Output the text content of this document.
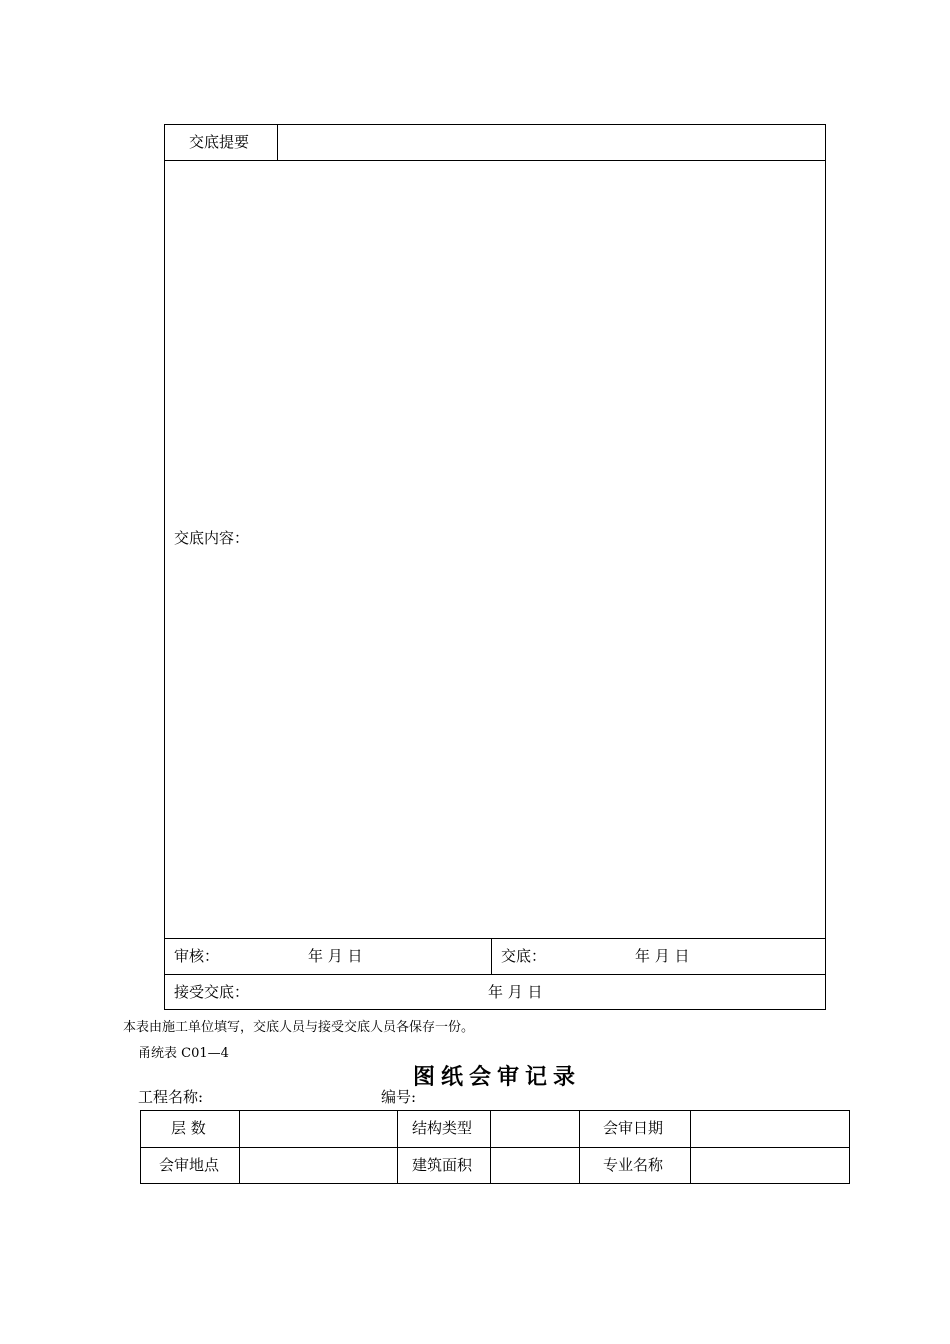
交底提要
交底内容：
审核：	年 月 日	交底：	年 月 日
接受交底：	年 月 日
本表由施工单位填写，交底人员与接受交底人员各保存一份。
甬统表 C01—4
图纸会审记录
工程名称:	编号:
层 数	结构类型	会审日期
会审地点	建筑面积	专业名称
